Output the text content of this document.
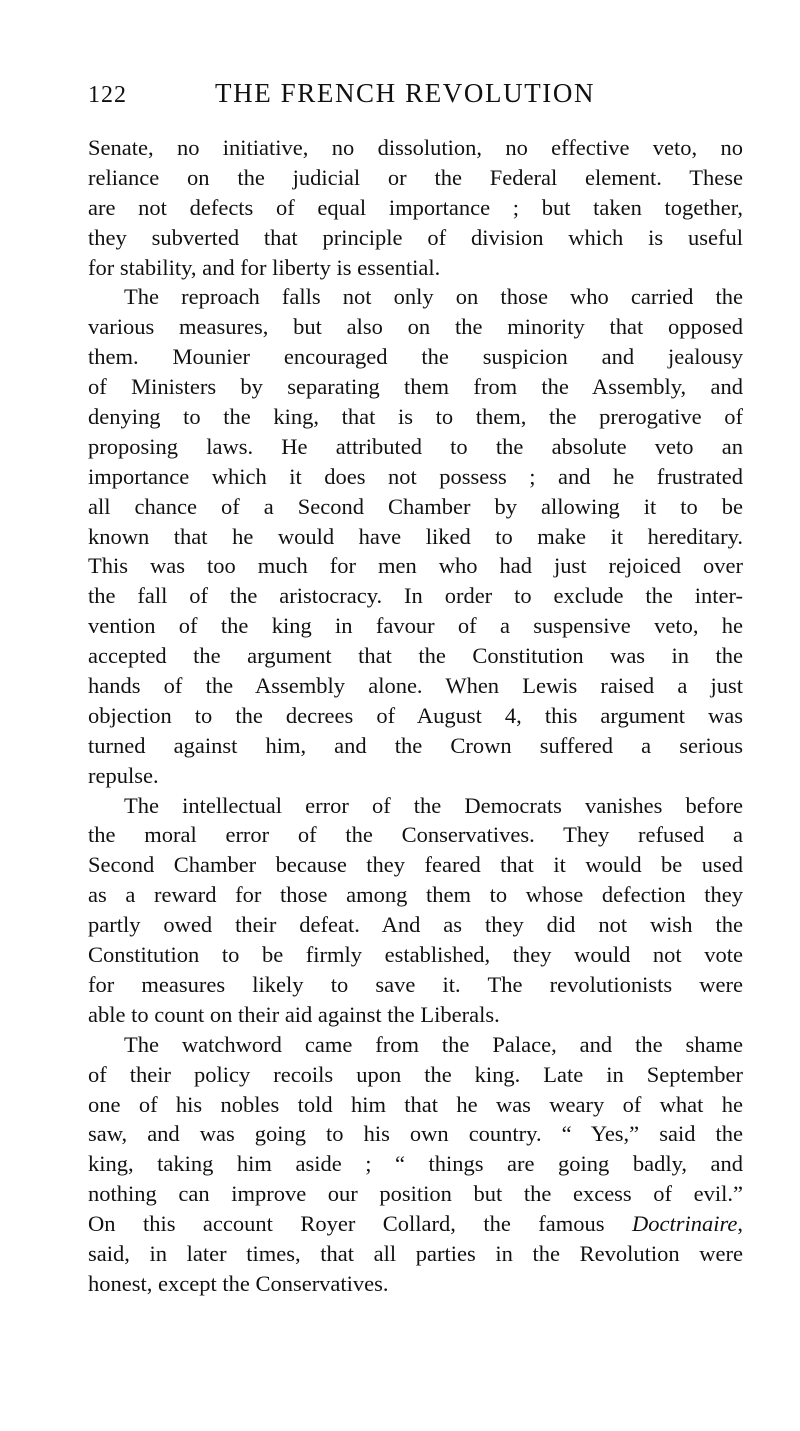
122	THE FRENCH REVOLUTION
Senate, no initiative, no dissolution, no effective veto, no
reliance on the judicial or the Federal element. These
are not defects of equal importance ; but taken together,
they subverted that principle of division which is useful
for stability, and for liberty is essential.
The reproach falls not only on those who carried the
various measures, but also on the minority that opposed
them. Mounier encouraged the suspicion and jealousy
of Ministers by separating them from the Assembly, and
denying to the king, that is to them, the prerogative of
proposing laws. He attributed to the absolute veto an
importance which it does not possess ; and he frustrated
all chance of a Second Chamber by allowing it to be
known that he would have liked to make it hereditary.
This was too much for men who had just rejoiced over
the fall of the aristocracy. In order to exclude the inter-
vention of the king in favour of a suspensive veto, he
accepted the argument that the Constitution was in the
hands of the Assembly alone. When Lewis raised a just
objection to the decrees of August 4, this argument was
turned against him, and the Crown suffered a serious
repulse.
The intellectual error of the Democrats vanishes before
the moral error of the Conservatives. They refused a
Second Chamber because they feared that it would be used
as a reward for those among them to whose defection they
partly owed their defeat. And as they did not wish the
Constitution to be firmly established, they would not vote
for measures likely to save it. The revolutionists were
able to count on their aid against the Liberals.
The watchword came from the Palace, and the shame
of their policy recoils upon the king. Late in September
one of his nobles told him that he was weary of what he
saw, and was going to his own country. “ Yes,” said the
king, taking him aside ; “ things are going badly, and
nothing can improve our position but the excess of evil.”
On this account Royer Collard, the famous Doctrinaire,
said, in later times, that all parties in the Revolution were
honest, except the Conservatives.
